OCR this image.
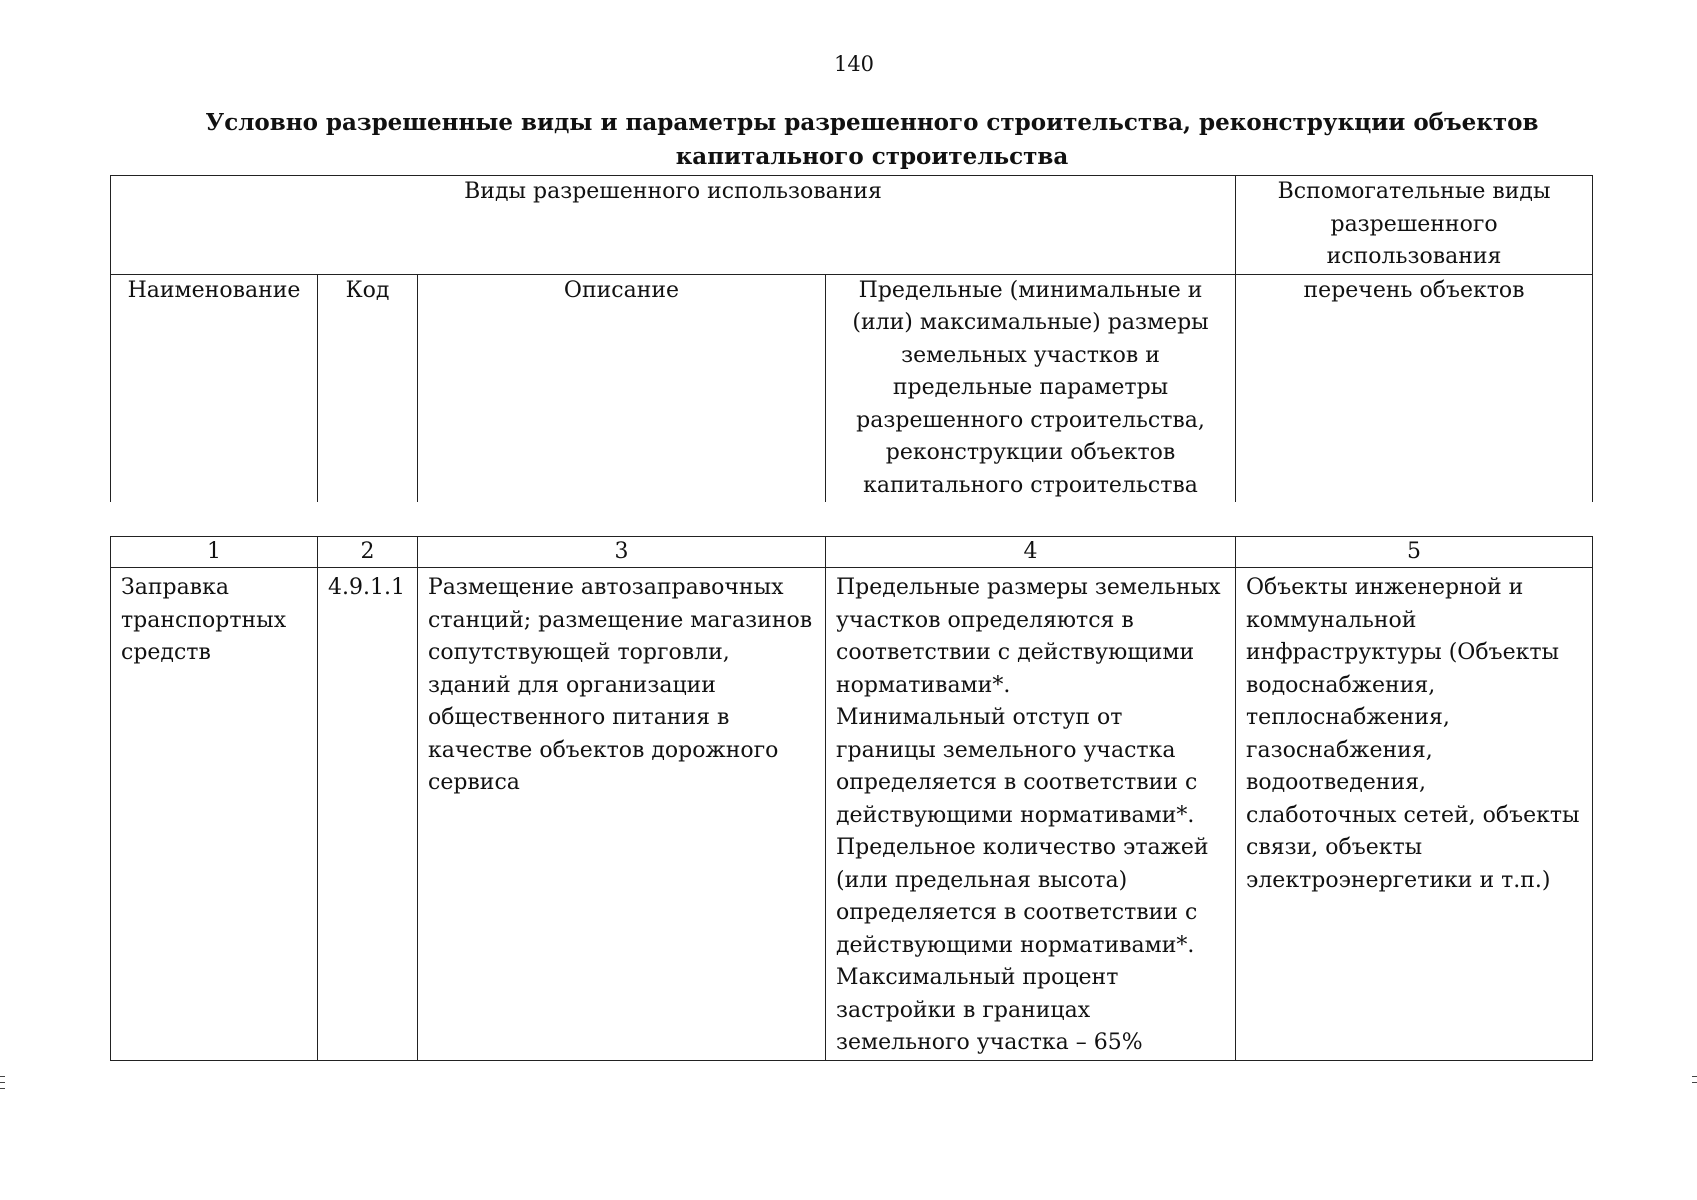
140
Условно разрешенные виды и параметры разрешенного строительства, реконструкции объектов капитального строительства
Виды разрешенного использования				Вспомогательные виды разрешенного использования
Наименование	Код	Описание	Предельные (минимальные и (или) максимальные) размеры земельных участков и предельные параметры разрешенного строительства, реконструкции объектов капитального строительства	перечень объектов
1	2	3	4	5
Заправка транспортных средств	4.9.1.1	Размещение автозаправочных станций; размещение магазинов сопутствующей торговли, зданий для организации общественного питания в качестве объектов дорожного сервиса	Предельные размеры земельных участков определяются в соответствии с действующими нормативами*.
Минимальный отступ от границы земельного участка определяется в соответствии с действующими нормативами*.
Предельное количество этажей (или предельная высота) определяется в соответствии с действующими нормативами*.
Максимальный процент застройки в границах земельного участка – 65%	Объекты инженерной и коммунальной инфраструктуры (Объекты водоснабжения, теплоснабжения, газоснабжения, водоотведения, слаботочных сетей, объекты связи, объекты электроэнергетики и т.п.)
